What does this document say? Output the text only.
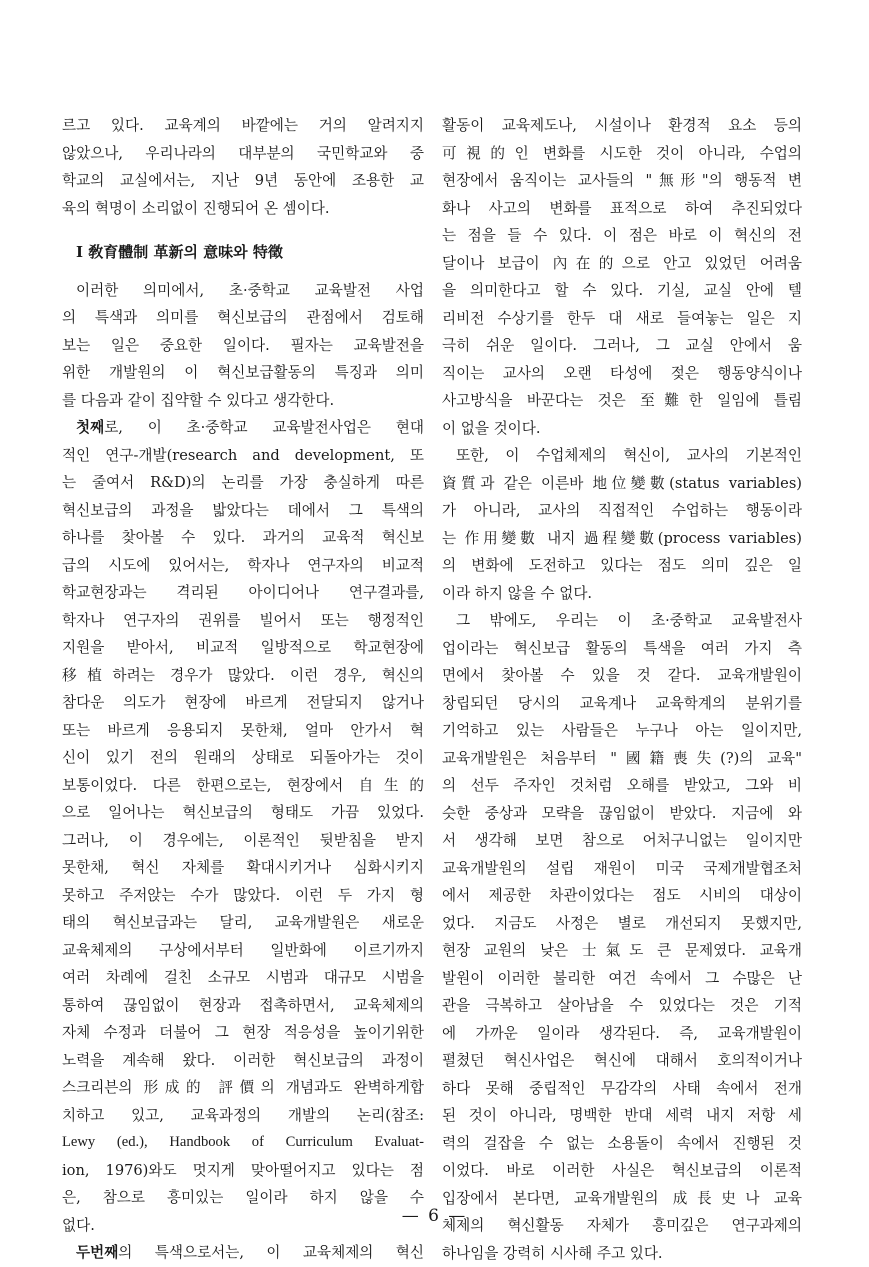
르고 있다. 교육계의 바깥에는 거의 알려지지
않았으나, 우리나라의 대부분의 국민학교와 중
학교의 교실에서는, 지난 9년 동안에 조용한 교
육의 혁명이 소리없이 진행되어 온 셈이다.
I 敎育體制 革新의 意味와 特徵
이러한 의미에서, 초·중학교 교육발전 사업
의 특색과 의미를 혁신보급의 관점에서 검토해
보는 일은 중요한 일이다. 필자는 교육발전을
위한 개발원의 이 혁신보급활동의 특징과 의미
를 다음과 같이 집약할 수 있다고 생각한다.
첫째로, 이 초·중학교 교육발전사업은 현대
적인 연구-개발(research and development, 또
는 줄여서 R&D)의 논리를 가장 충실하게 따른
혁신보급의 과정을 밟았다는 데에서 그 특색의
하나를 찾아볼 수 있다. 과거의 교육적 혁신보
급의 시도에 있어서는, 학자나 연구자의 비교적
학교현장과는 격리된 아이디어나 연구결과를,
학자나 연구자의 권위를 빌어서 또는 행정적인
지원을 받아서, 비교적 일방적으로 학교현장에
移植하려는 경우가 많았다. 이런 경우, 혁신의
참다운 의도가 현장에 바르게 전달되지 않거나
또는 바르게 응용되지 못한채, 얼마 안가서 혁
신이 있기 전의 원래의 상태로 되돌아가는 것이
보통이었다. 다른 한편으로는, 현장에서 自生的
으로 일어나는 혁신보급의 형태도 가끔 있었다.
그러나, 이 경우에는, 이론적인 뒷받침을 받지
못한채, 혁신 자체를 확대시키거나 심화시키지
못하고 주저앉는 수가 많았다. 이런 두 가지 형
태의 혁신보급과는 달리, 교육개발원은 새로운
교육체제의 구상에서부터 일반화에 이르기까지
여러 차례에 걸친 소규모 시범과 대규모 시범을
통하여 끊임없이 현장과 접촉하면서, 교육체제의
자체 수정과 더불어 그 현장 적응성을 높이기위한
노력을 계속해 왔다. 이러한 혁신보급의 과정이
스크리븐의 形成的 評價의 개념과도 완벽하게합
치하고 있고, 교육과정의 개발의 논리(참조:
Lewy (ed.), Handbook of Curriculum Evaluat-
ion, 1976)와도 멋지게 맞아떨어지고 있다는 점
은, 참으로 흥미있는 일이라 하지 않을 수
없다.
두번째의 특색으로서는, 이 교육체제의 혁신
활동이 교육제도나, 시설이나 환경적 요소 등의
可視的인 변화를 시도한 것이 아니라, 수업의
현장에서 움직이는 교사들의 "無形"의 행동적 변
화나 사고의 변화를 표적으로 하여 추진되었다
는 점을 들 수 있다. 이 점은 바로 이 혁신의 전
달이나 보급이 內在的으로 안고 있었던 어려움
을 의미한다고 할 수 있다. 기실, 교실 안에 텔
리비전 수상기를 한두 대 새로 들여놓는 일은 지
극히 쉬운 일이다. 그러나, 그 교실 안에서 움
직이는 교사의 오랜 타성에 젖은 행동양식이나
사고방식을 바꾼다는 것은 至難한 일임에 틀림
이 없을 것이다.
또한, 이 수업체제의 혁신이, 교사의 기본적인
資質과 같은 이른바 地位變數(status variables)
가 아니라, 교사의 직접적인 수업하는 행동이라
는 作用變數 내지 過程變數(process variables)
의 변화에 도전하고 있다는 점도 의미 깊은 일
이라 하지 않을 수 없다.
그 밖에도, 우리는 이 초·중학교 교육발전사
업이라는 혁신보급 활동의 특색을 여러 가지 측
면에서 찾아볼 수 있을 것 같다. 교육개발원이
창립되던 당시의 교육계나 교육학계의 분위기를
기억하고 있는 사람들은 누구나 아는 일이지만,
교육개발원은 처음부터 "國籍喪失(?)의 교육"
의 선두 주자인 것처럼 오해를 받았고, 그와 비
슷한 중상과 모략을 끊임없이 받았다. 지금에 와
서 생각해 보면 참으로 어처구니없는 일이지만
교육개발원의 설립 재원이 미국 국제개발협조처
에서 제공한 차관이었다는 점도 시비의 대상이
었다. 지금도 사정은 별로 개선되지 못했지만,
현장 교원의 낮은 士氣도 큰 문제였다. 교육개
발원이 이러한 불리한 여건 속에서 그 수많은 난
관을 극복하고 살아남을 수 있었다는 것은 기적
에 가까운 일이라 생각된다. 즉, 교육개발원이
펼쳤던 혁신사업은 혁신에 대해서 호의적이거나
하다 못해 중립적인 무감각의 사태 속에서 전개
된 것이 아니라, 명백한 반대 세력 내지 저항 세
력의 걸잡을 수 없는 소용돌이 속에서 진행된 것
이었다. 바로 이러한 사실은 혁신보급의 이론적
입장에서 본다면, 교육개발원의 成長史나 교육
체제의 혁신활동 자체가 흥미깊은 연구과제의
하나임을 강력히 시사해 주고 있다.
— 6 —
